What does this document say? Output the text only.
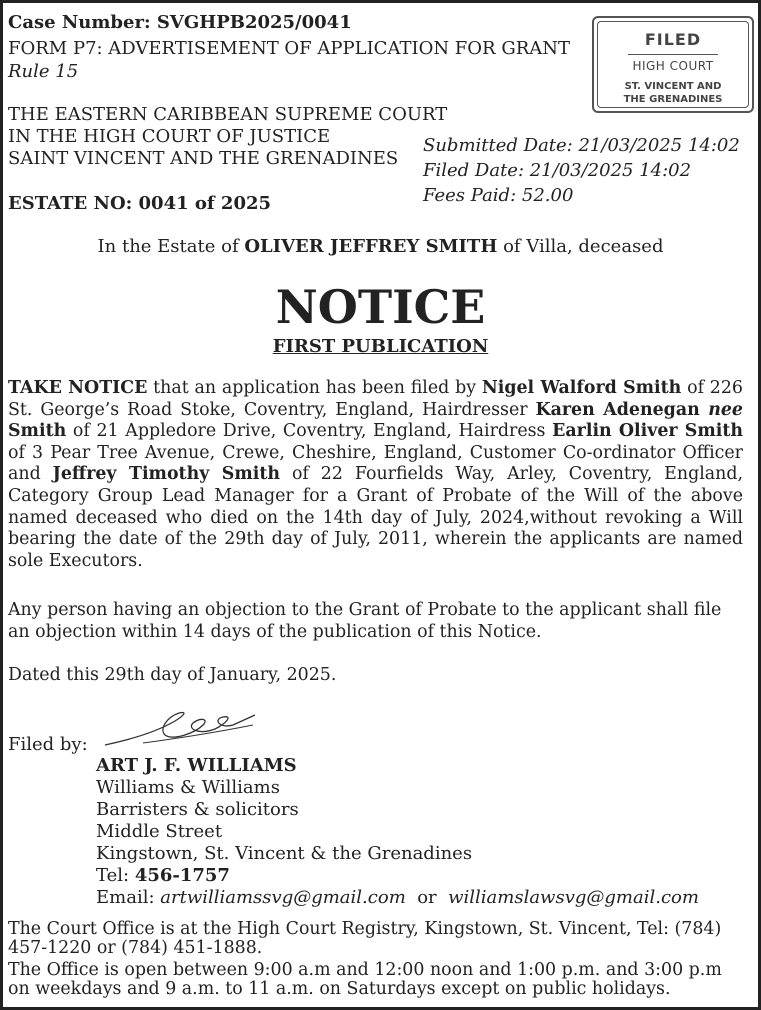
Case Number: SVGHPB2025/0041

FORM P7: ADVERTISEMENT OF APPLICATION FOR GRANT

Rule 15

FILED
HIGH COURT
ST. VINCENT AND
THE GRENADINES

THE EASTERN CARIBBEAN SUPREME COURT

IN THE HIGH COURT OF JUSTICE

SAINT VINCENT AND THE GRENADINES

ESTATE NO: 0041 of 2025

Submitted Date: 21/03/2025 14:02

Filed Date: 21/03/2025 14:02

Fees Paid: 52.00

In the Estate of OLIVER JEFFREY SMITH of Villa, deceased

NOTICE

FIRST PUBLICATION

TAKE NOTICE that an application has been filed by Nigel Walford Smith of 226 St. George’s Road Stoke, Coventry, England, Hairdresser Karen Adenegan nee Smith of 21 Appledore Drive, Coventry, England, Hairdress Earlin Oliver Smith of 3 Pear Tree Avenue, Crewe, Cheshire, England, Customer Co-ordinator Officer and Jeffrey Timothy Smith of 22 Fourfields Way, Arley, Coventry, England, Category Group Lead Manager for a Grant of Probate of the Will of the above named deceased who died on the 14th day of July, 2024,without revoking a Will bearing the date of the 29th day of July, 2011, wherein the applicants are named sole Executors.

Any person having an objection to the Grant of Probate to the applicant shall file an objection within 14 days of the publication of this Notice.

Dated this 29th day of January, 2025.

Filed by:

ART J. F. WILLIAMS

Williams & Williams

Barristers & solicitors

Middle Street

Kingstown, St. Vincent & the Grenadines

Tel: 456-1757

Email: artwilliamssvg@gmail.com  or  williamslawsvg@gmail.com

The Court Office is at the High Court Registry, Kingstown, St. Vincent, Tel: (784) 457-1220 or (784) 451-1888.

The Office is open between 9:00 a.m and 12:00 noon and 1:00 p.m. and 3:00 p.m on weekdays and 9 a.m. to 11 a.m. on Saturdays except on public holidays.
